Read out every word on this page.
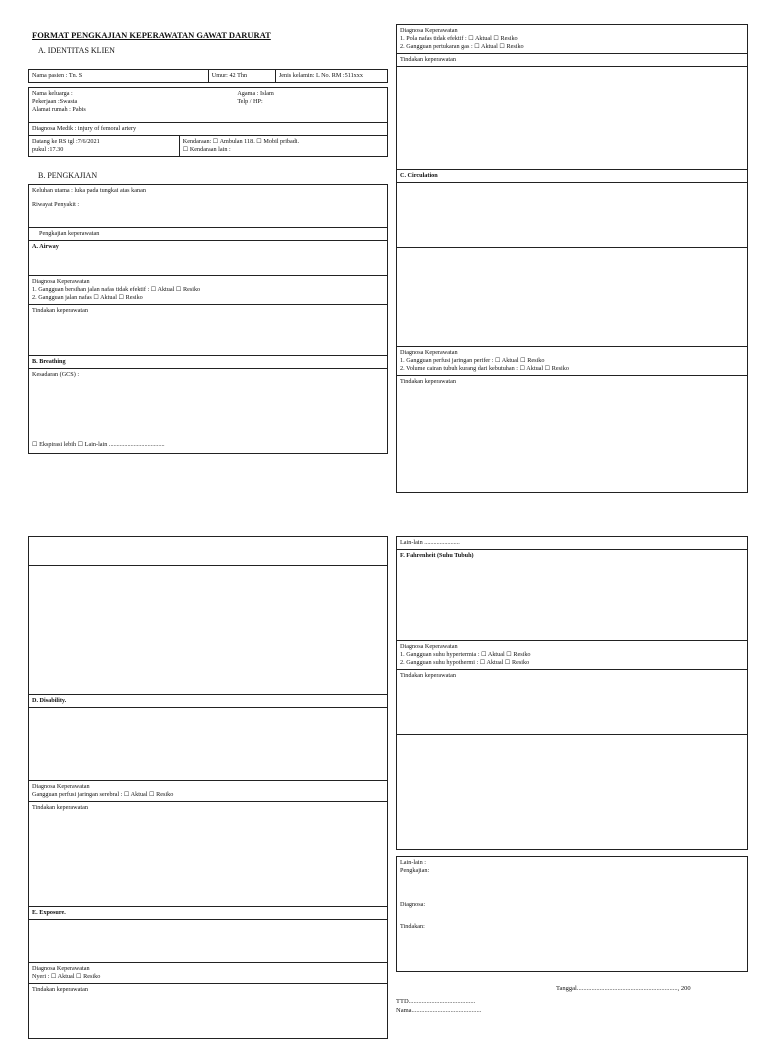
FORMAT PENGKAJIAN KEPERAWATAN GAWAT DARURAT
A. IDENTITAS KLIEN
Nama pasien : Tn. S	Umur: 42 Thn	Jenis kelamin: L No. RM :511xxx
Nama keluarga :	Agama : Islam
Pekerjaan :Swasta	Telp / HP:
Alamat rumah : Pabis
Diagnosa Medik : injury of femoral artery
Datang ke RS tgl :7/6/2021
pukul :17.30
Kendaraan: ☐ Ambulan 118. ☐ Mobil pribadi.
☐ Kendaraan lain :
B. PENGKAJIAN
Keluhan utama : luka pada tungkai atas kanan
Riwayat Penyakit :
Pengkajian keperawatan
A. Airway
Diagnosa Keperawatan
1. Gangguan bersihan jalan nafas tidak efektif : ☐ Aktual ☐ Resiko
2. Gangguan jalan nafas ☐ Aktual ☐ Resiko
Tindakan keperawatan
B. Breathing
Kesadaran (GCS) :
☐ Ekspirasi lebih ☐ Lain-lain ....................................
Diagnosa Keperawatan
1. Pola nafas tidak efektif : ☐ Aktual ☐ Resiko
2. Gangguan pertukaran gas : ☐ Aktual ☐ Resiko
Tindakan keperawatan
C. Circulation
Diagnosa Keperawatan
1. Gangguan perfusi jaringan perifer : ☐ Aktual ☐ Resiko
2. Volume cairan tubuh kurang dari kebutuhan : ☐ Aktual ☐ Resiko
Tindakan keperawatan
D. Disability.
Diagnosa Keperawatan
Gangguan perfusi jaringan serebral : ☐ Aktual ☐ Resiko
Tindakan keperawatan
E. Exposure.
Diagnosa Keperawatan
Nyeri : ☐ Aktual ☐ Resiko
Tindakan keperawatan
Lain-lain .......................
F. Fahrenheit (Suhu Tubuh)
Diagnosa Keperawatan
1. Gangguan suhu hypertermia : ☐ Aktual ☐ Resiko
2. Gangguan suhu hypothermi : ☐ Aktual ☐ Resiko
Tindakan keperawatan
Lain-lain :
Pengkajian:
Diagnosa:
Tindakan:
Tanggal.............................................................., 200
TTD.........................................
Nama...........................................
